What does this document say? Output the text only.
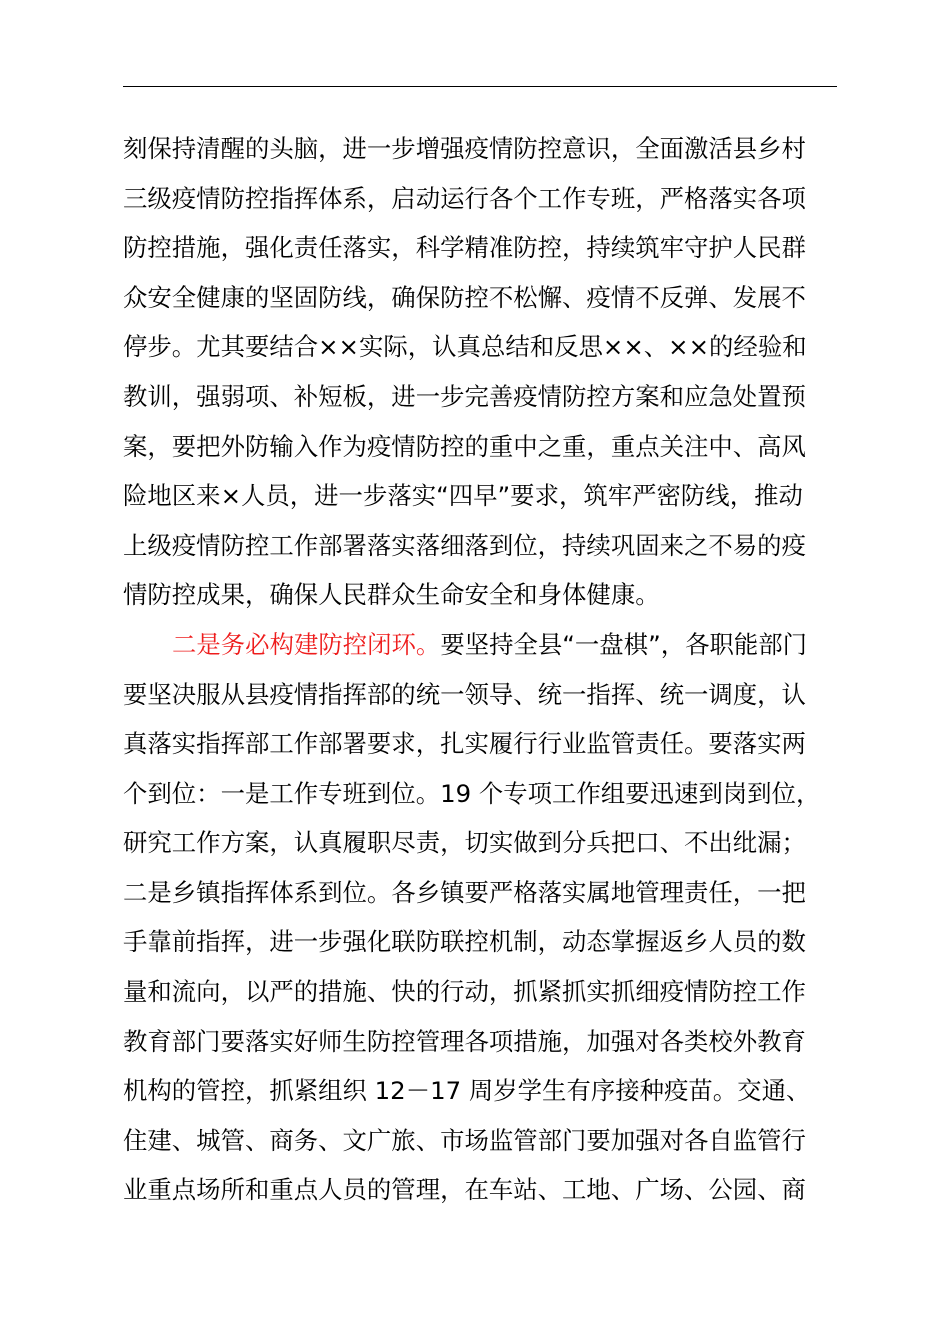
刻保持清醒的头脑，进一步增强疫情防控意识，全面激活县乡村
三级疫情防控指挥体系，启动运行各个工作专班，严格落实各项
防控措施，强化责任落实，科学精准防控，持续筑牢守护人民群
众安全健康的坚固防线，确保防控不松懈、疫情不反弹、发展不
停步。尤其要结合××实际，认真总结和反思××、××的经验和
教训，强弱项、补短板，进一步完善疫情防控方案和应急处置预
案，要把外防输入作为疫情防控的重中之重，重点关注中、高风
险地区来×人员，进一步落实“四早”要求，筑牢严密防线，推动
上级疫情防控工作部署落实落细落到位，持续巩固来之不易的疫
情防控成果，确保人民群众生命安全和身体健康。
二是务必构建防控闭环。要坚持全县“一盘棋”，各职能部门
要坚决服从县疫情指挥部的统一领导、统一指挥、统一调度，认
真落实指挥部工作部署要求，扎实履行行业监管责任。要落实两
个到位：一是工作专班到位。19 个专项工作组要迅速到岗到位，
研究工作方案，认真履职尽责，切实做到分兵把口、不出纰漏；
二是乡镇指挥体系到位。各乡镇要严格落实属地管理责任，一把
手靠前指挥，进一步强化联防联控机制，动态掌握返乡人员的数
量和流向，以严的措施、快的行动，抓紧抓实抓细疫情防控工作
教育部门要落实好师生防控管理各项措施，加强对各类校外教育
机构的管控，抓紧组织 12－17 周岁学生有序接种疫苗。交通、
住建、城管、商务、文广旅、市场监管部门要加强对各自监管行
业重点场所和重点人员的管理，在车站、工地、广场、公园、商
